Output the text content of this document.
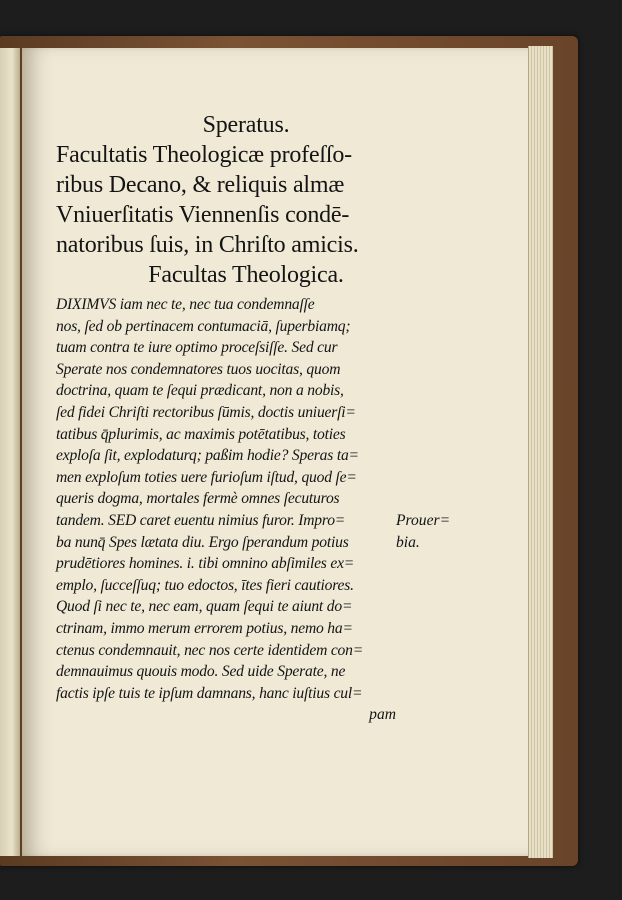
Speratus.
Facultatis Theologicæ profeſſo-
ribus Decano, & reliquis almæ
Vniuerſitatis Viennenſis condē-
natoribus ſuis, in Chriſto amicis.
Facultas Theologica.
DIXIMVS iam nec te, nec tua condemnaſſe
nos, ſed ob pertinacem contumaciā, ſuperbiamq;
tuam contra te iure optimo proceſsiſſe. Sed cur
Sperate nos condemnatores tuos uocitas, quom
doctrina, quam te ſequi prædicant, non a nobis,
ſed fidei Chriſti rectoribus ſūmis, doctis uniuerſi=
tatibus q̄plurimis, ac maximis potētatibus, toties
exploſa ſit, explodaturq; paßim hodie? Speras ta=
men exploſum toties uere furioſum iſtud, quod ſe=
queris dogma, mortales fermè omnes ſecuturos
tandem. SED caret euentu nimius furor. Impro=
ba nunq̄ Spes lætata diu. Ergo ſperandum potius
prudētiores homines. i. tibi omnino abſimiles ex=
emplo, ſucceſſuq; tuo edoctos, ītes fieri cautiores.
Quod ſi nec te, nec eam, quam ſequi te aiunt do=
ctrinam, immo merum errorem potius, nemo ha=
ctenus condemnauit, nec nos certe identidem con=
demnauimus quouis modo. Sed uide Sperate, ne
factis ipſe tuis te ipſum damnans, hanc iuſtius cul=
pam
Prouer=
bia.
